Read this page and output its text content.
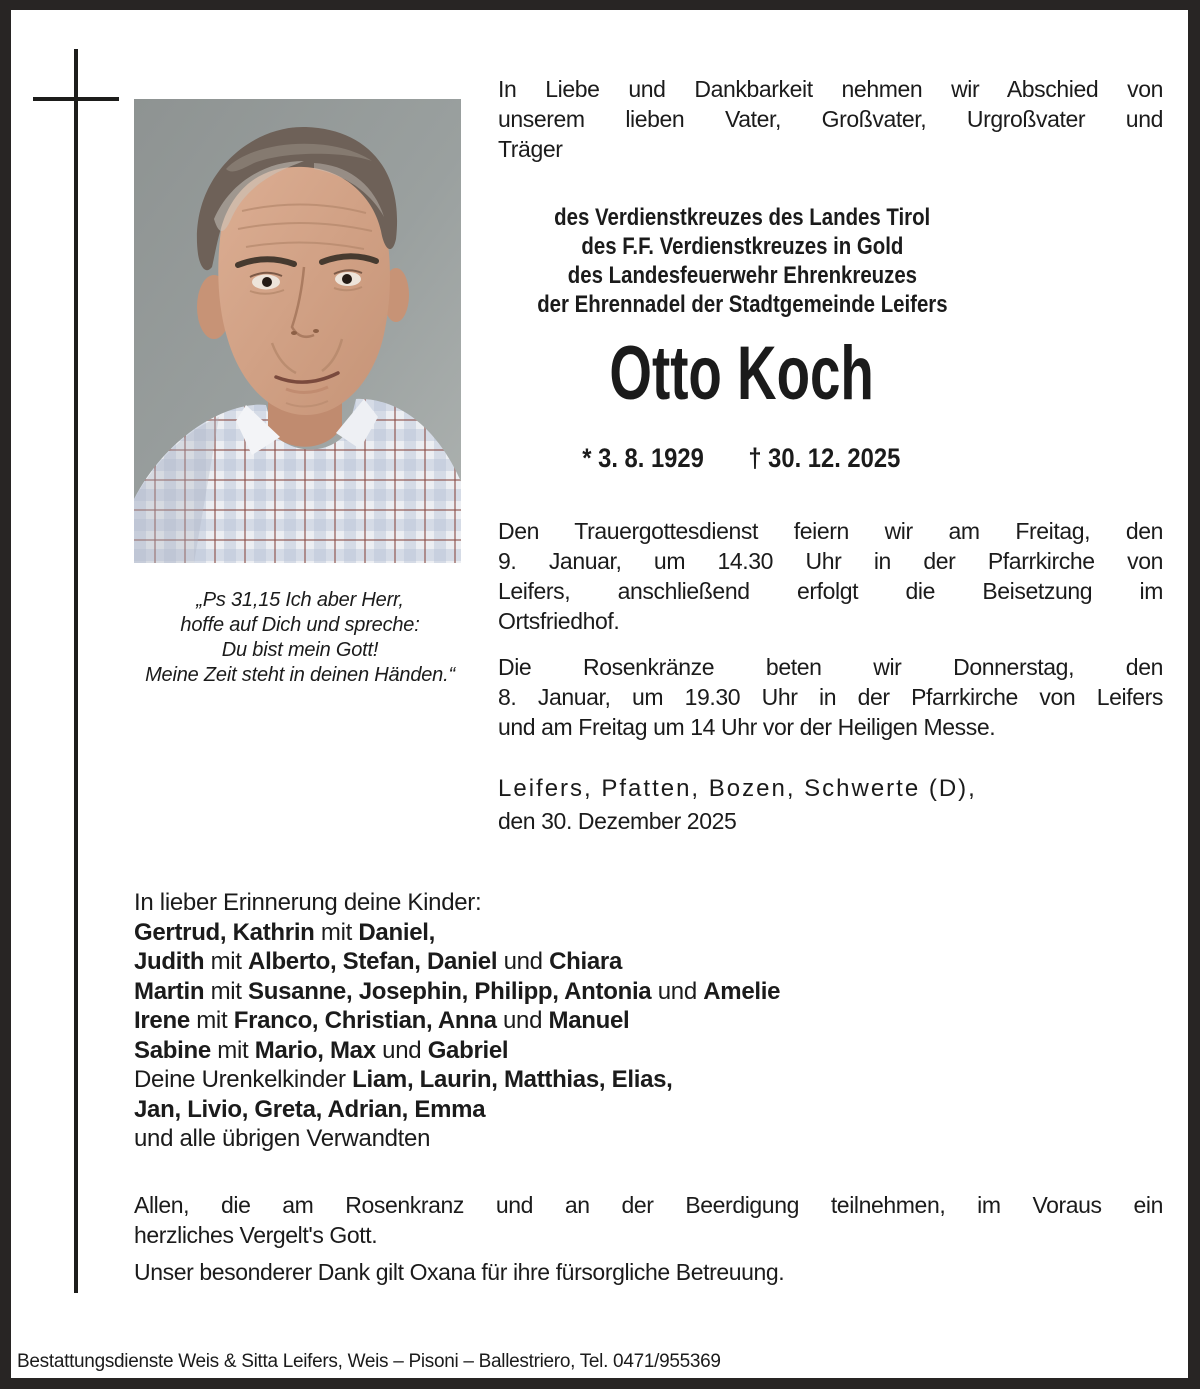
„Ps 31,15 Ich aber Herr,
hoffe auf Dich und spreche:
Du bist mein Gott!
Meine Zeit steht in deinen Händen.“
In Liebe und Dankbarkeit nehmen wir Abschied von
unserem lieben Vater, Großvater, Urgroßvater und
Träger
des Verdienstkreuzes des Landes Tirol
des F.F. Verdienstkreuzes in Gold
des Landesfeuerwehr Ehrenkreuzes
der Ehrennadel der Stadtgemeinde Leifers
Otto Koch
* 3. 8. 1929 † 30. 12. 2025
Den Trauergottesdienst feiern wir am Freitag, den
9. Januar, um 14.30 Uhr in der Pfarrkirche von
Leifers, anschließend erfolgt die Beisetzung im
Ortsfriedhof.
Die Rosenkränze beten wir Donnerstag, den
8. Januar, um 19.30 Uhr in der Pfarrkirche von Leifers
und am Freitag um 14 Uhr vor der Heiligen Messe.
Leifers, Pfatten, Bozen, Schwerte (D),
den 30. Dezember 2025
In lieber Erinnerung deine Kinder:
Gertrud, Kathrin mit Daniel,
Judith mit Alberto, Stefan, Daniel und Chiara
Martin mit Susanne, Josephin, Philipp, Antonia und Amelie
Irene mit Franco, Christian, Anna und Manuel
Sabine mit Mario, Max und Gabriel
Deine Urenkelkinder Liam, Laurin, Matthias, Elias,
Jan, Livio, Greta, Adrian, Emma
und alle übrigen Verwandten
Allen, die am Rosenkranz und an der Beerdigung teilnehmen, im Voraus ein
herzliches Vergelt's Gott.
Unser besonderer Dank gilt Oxana für ihre fürsorgliche Betreuung.
Bestattungsdienste Weis & Sitta Leifers, Weis – Pisoni – Ballestriero, Tel. 0471/955369
